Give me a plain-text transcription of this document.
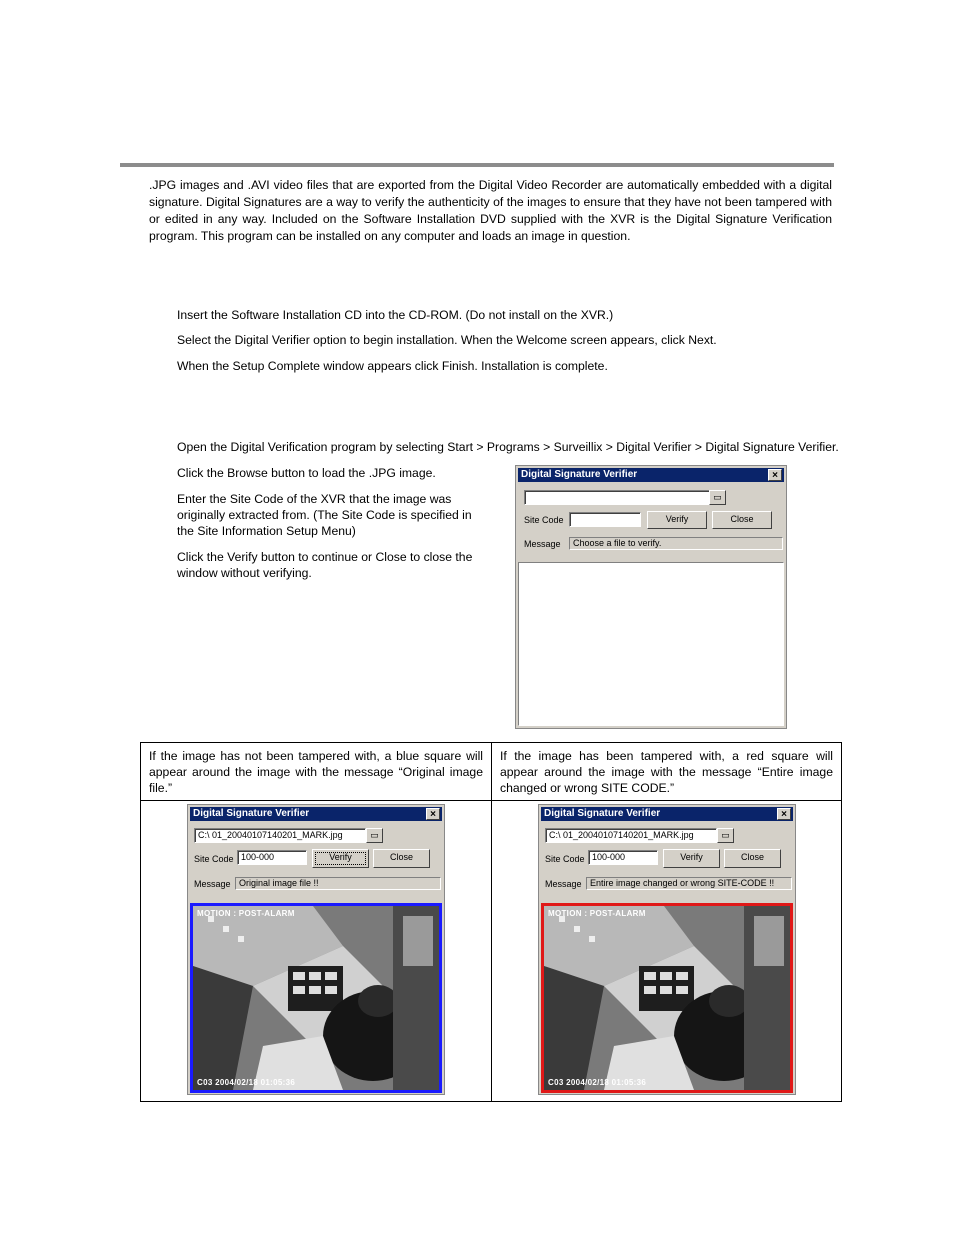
.JPG images and .AVI video files that are exported from the Digital Video Recorder are automatically embedded with a digital signature. Digital Signatures are a way to verify the authenticity of the images to ensure that they have not been tampered with or edited in any way. Included on the Software Installation DVD supplied with the XVR is the Digital Signature Verification program. This program can be installed on any computer and loads an image in question.
Insert the Software Installation CD into the CD-ROM. (Do not install on the XVR.)
Select the Digital Verifier option to begin installation. When the Welcome screen appears, click Next.
When the Setup Complete window appears click Finish. Installation is complete.
Open the Digital Verification program by selecting Start > Programs > Surveillix > Digital Verifier > Digital Signature Verifier.

Click the Browse button to load the .JPG image.

Enter the Site Code of the XVR that the image was originally extracted from. (The Site Code is specified in the Site Information Setup Menu)

Click the Verify button to continue or Close to close the window without verifying.

Digital Signature Verifier	×
▭
Site Code	Verify	Close
Message	Choose a file to verify.
If the image has not been tampered with, a blue square will appear around the image with the message “Original image file.”	If the image has been tampered with, a red square will appear around the image with the message “Entire image changed or wrong SITE CODE.”

Digital Signature Verifier	×
C:\ 01_20040107140201_MARK.jpg	▭
Site Code 100-000	Verify	Close
Message Original image file !!
MOTION : POST-ALARM
C03 2004/02/18 01:05:36
Digital Signature Verifier	×
C:\ 01_20040107140201_MARK.jpg	▭
Site Code 100-000	Verify	Close
Message Entire image changed or wrong SITE-CODE !!
MOTION : POST-ALARM
C03 2004/02/18 01:05:36
